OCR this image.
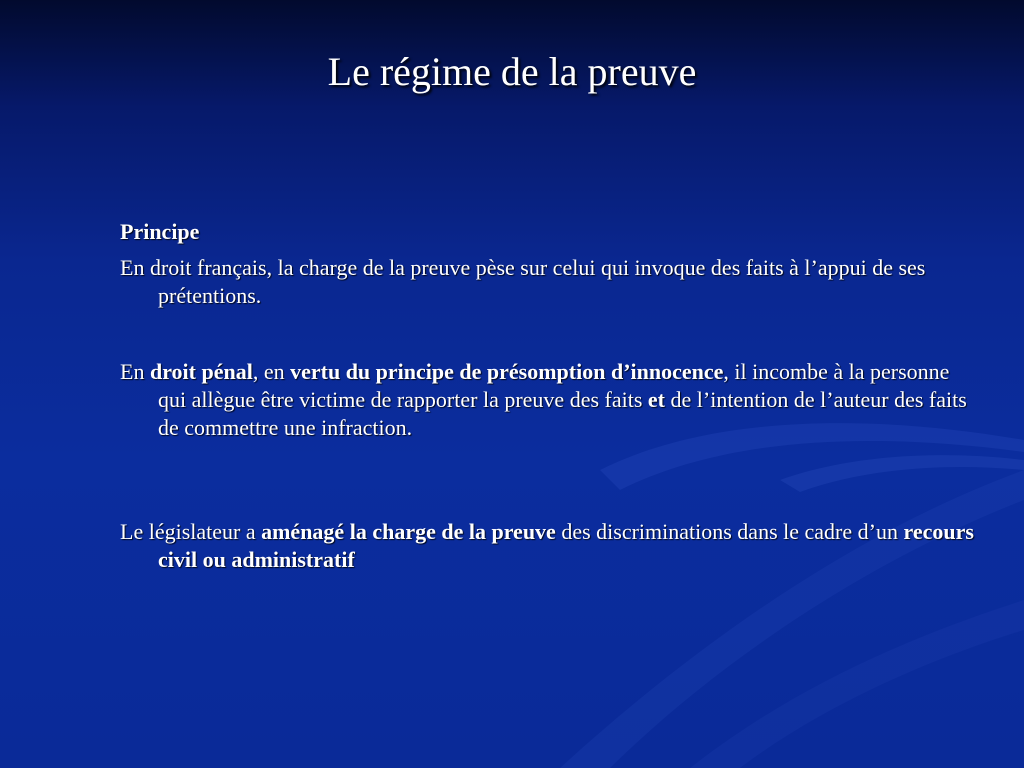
Le régime de la preuve

Principe

En droit français, la charge de la preuve pèse sur celui qui invoque des faits à l’appui de ses prétentions.

En droit pénal, en vertu du principe de présomption d’innocence, il incombe à la personne qui allègue être victime de rapporter la preuve des faits et de l’intention de l’auteur des faits de commettre une infraction.

Le législateur a aménagé la charge de la preuve des discriminations dans le cadre d’un recours civil ou administratif
